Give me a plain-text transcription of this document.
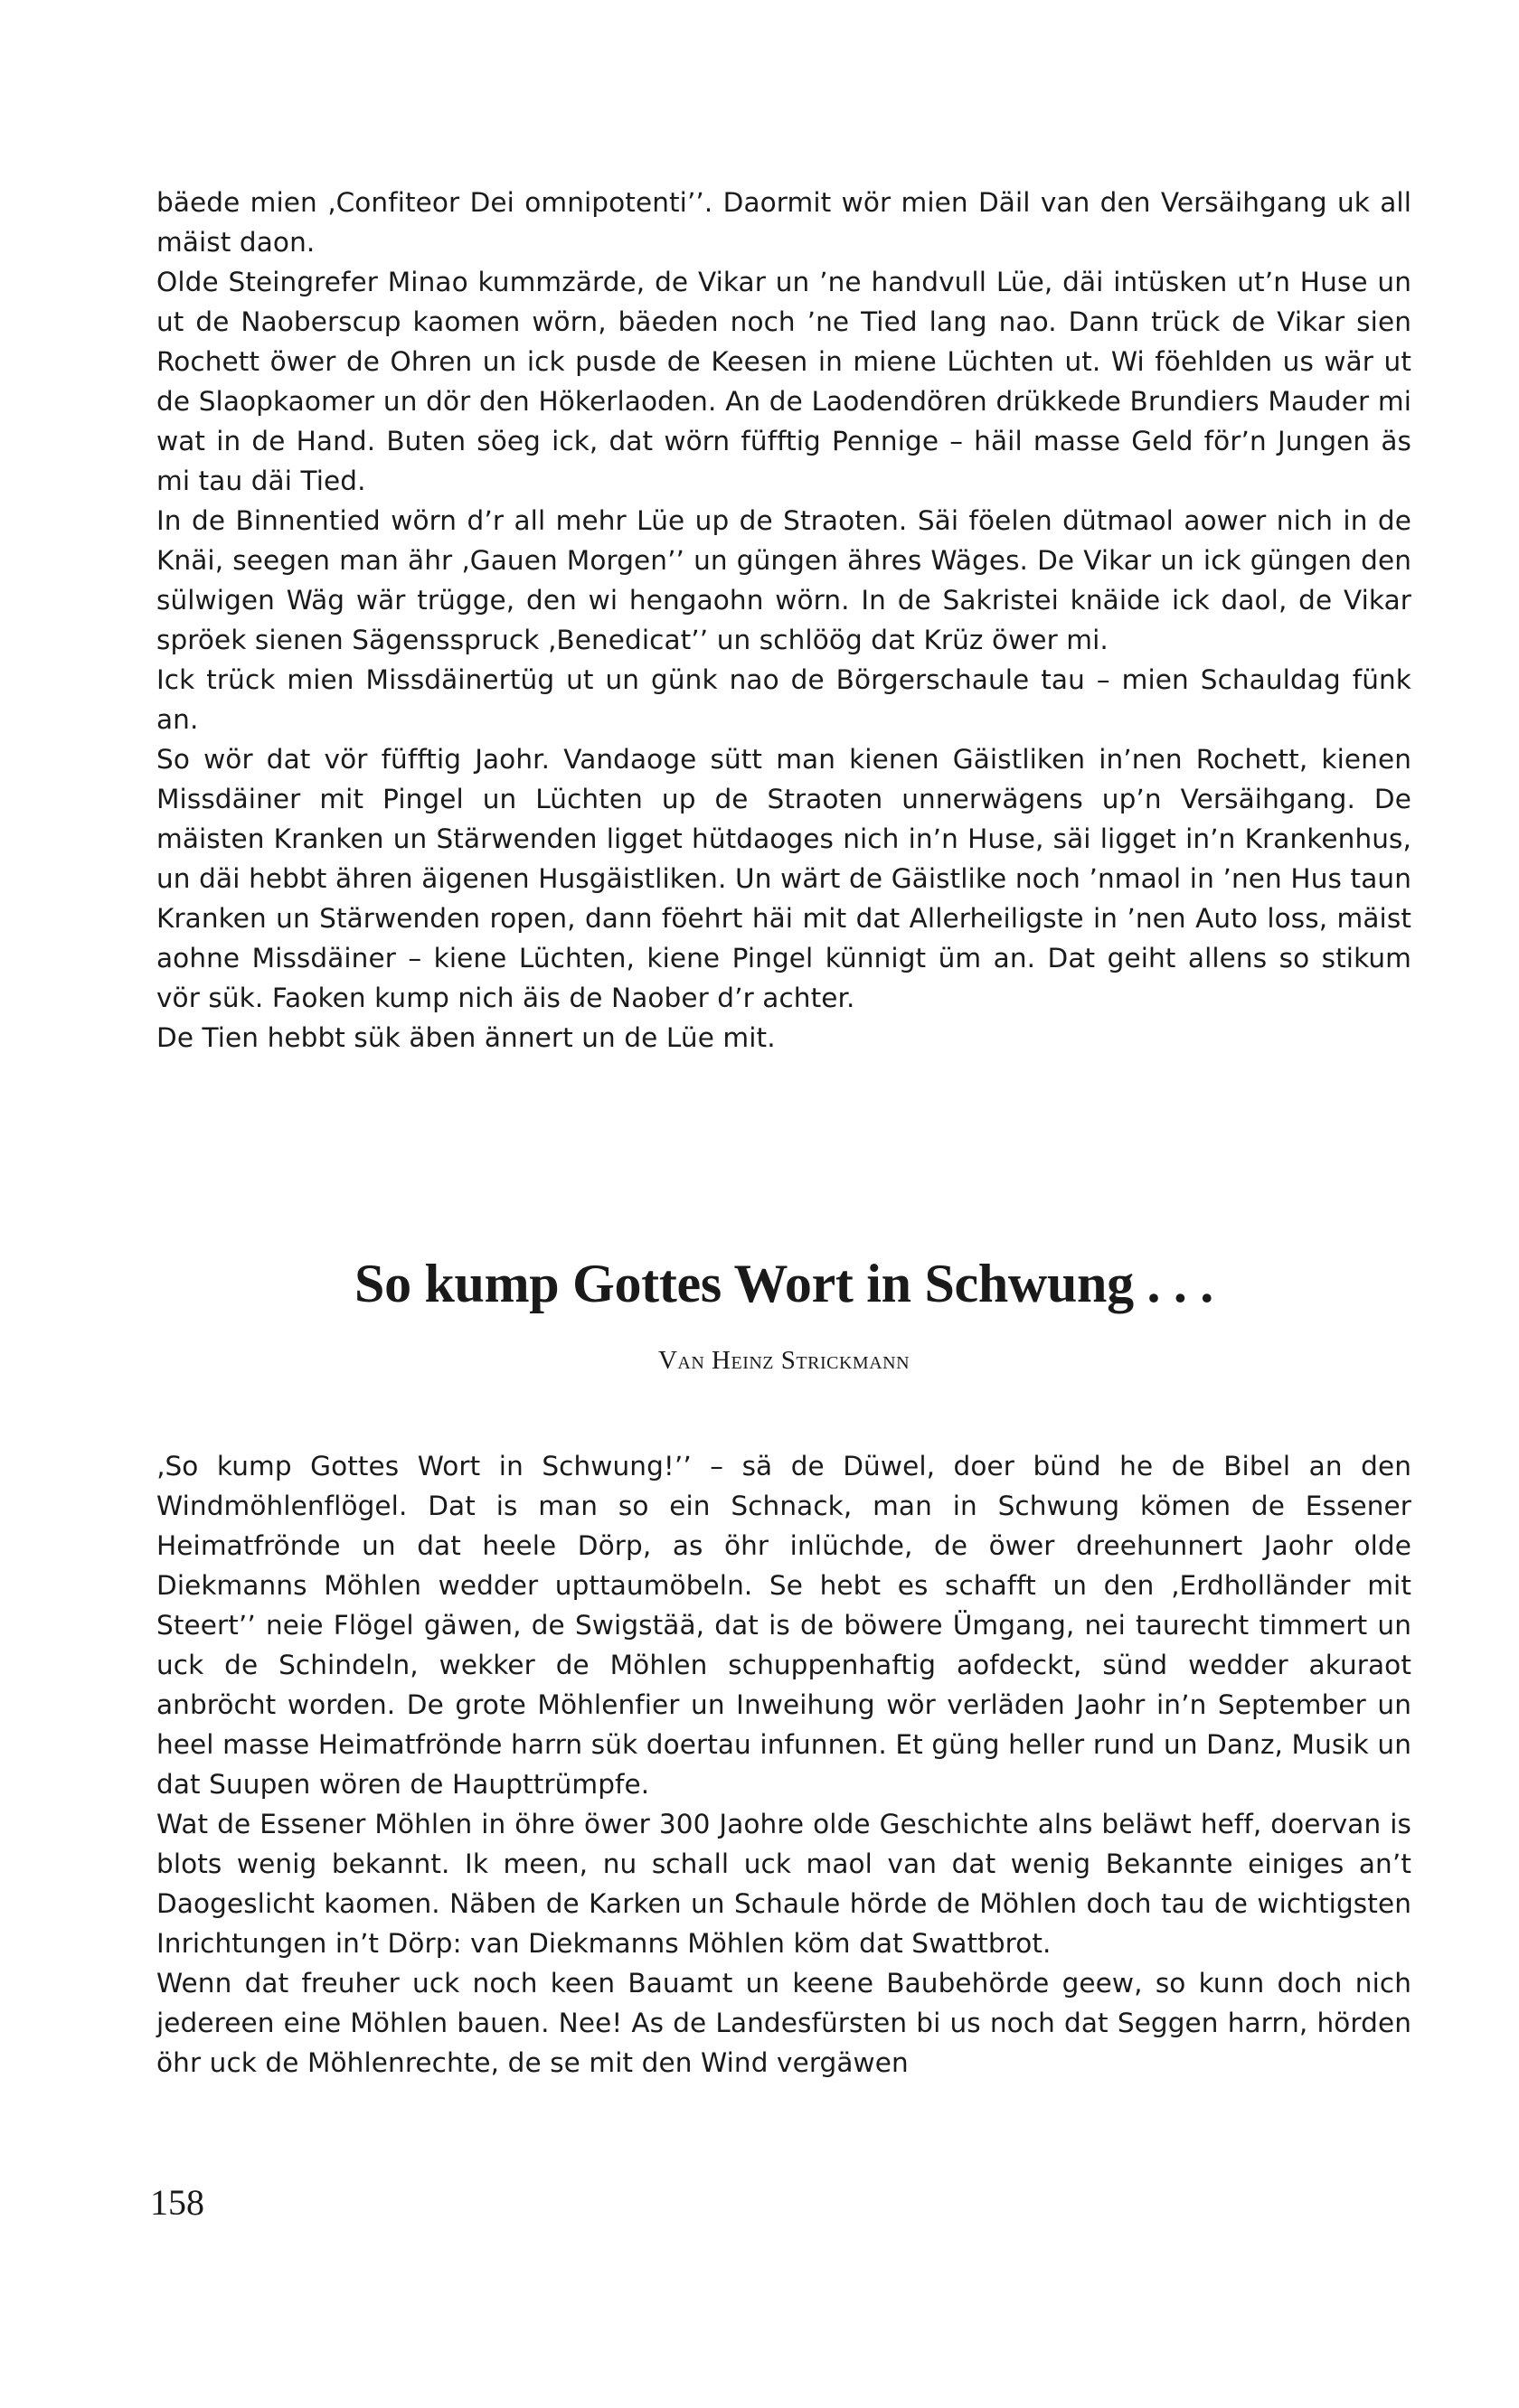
bäede mien ‚Confiteor Dei omnipotenti’’. Daormit wör mien Däil van den Versäihgang uk all mäist daon.

Olde Steingrefer Minao kummzärde, de Vikar un ’ne handvull Lüe, däi intüsken ut’n Huse un ut de Naoberscup kaomen wörn, bäeden noch ’ne Tied lang nao. Dann trück de Vikar sien Rochett öwer de Ohren un ick pusde de Keesen in miene Lüchten ut. Wi föehlden us wär ut de Slaopkaomer un dör den Hökerlaoden. An de Laodendören drükkede Brundiers Mauder mi wat in de Hand. Buten söeg ick, dat wörn füfftig Pennige – häil masse Geld för’n Jungen äs mi tau däi Tied.

In de Binnentied wörn d’r all mehr Lüe up de Straoten. Säi föelen dütmaol aower nich in de Knäi, seegen man ähr ‚Gauen Morgen’’ un güngen ähres Wäges. De Vikar un ick güngen den sülwigen Wäg wär trügge, den wi hengaohn wörn. In de Sakristei knäide ick daol, de Vikar spröek sienen Sägensspruck ‚Benedicat’’ un schlöög dat Krüz öwer mi.

Ick trück mien Missdäinertüg ut un günk nao de Börgerschaule tau – mien Schauldag fünk an.

So wör dat vör füfftig Jaohr. Vandaoge sütt man kienen Gäistliken in’nen Rochett, kienen Missdäiner mit Pingel un Lüchten up de Straoten unnerwägens up’n Versäihgang. De mäisten Kranken un Stärwenden ligget hütdaoges nich in’n Huse, säi ligget in’n Krankenhus, un däi hebbt ähren äigenen Husgäistliken. Un wärt de Gäistlike noch ’nmaol in ’nen Hus taun Kranken un Stärwenden ropen, dann föehrt häi mit dat Allerheiligste in ’nen Auto loss, mäist aohne Missdäiner – kiene Lüchten, kiene Pingel künnigt üm an. Dat geiht allens so stikum vör sük. Faoken kump nich äis de Naober d’r achter.

De Tien hebbt sük äben ännert un de Lüe mit.

So kump Gottes Wort in Schwung . . .

Van Heinz Strickmann

‚So kump Gottes Wort in Schwung!’’ – sä de Düwel, doer bünd he de Bibel an den Windmöhlenflögel. Dat is man so ein Schnack, man in Schwung kömen de Essener Heimatfrönde un dat heele Dörp, as öhr inlüchde, de öwer dreehunnert Jaohr olde Diekmanns Möhlen wedder upttaumöbeln. Se hebt es schafft un den ‚Erdholländer mit Steert’’ neie Flögel gäwen, de Swigstää, dat is de böwere Ümgang, nei taurecht timmert un uck de Schindeln, wekker de Möhlen schuppenhaftig aofdeckt, sünd wedder akuraot anbröcht worden. De grote Möhlenfier un Inweihung wör verläden Jaohr in’n September un heel masse Heimatfrönde harrn sük doertau infunnen. Et güng heller rund un Danz, Musik un dat Suupen wören de Haupttrümpfe.

Wat de Essener Möhlen in öhre öwer 300 Jaohre olde Geschichte alns beläwt heff, doervan is blots wenig bekannt. Ik meen, nu schall uck maol van dat wenig Bekannte einiges an’t Daogeslicht kaomen. Näben de Karken un Schaule hörde de Möhlen doch tau de wichtigsten Inrichtungen in’t Dörp: van Diekmanns Möhlen köm dat Swattbrot.

Wenn dat freuher uck noch keen Bauamt un keene Baubehörde geew, so kunn doch nich jedereen eine Möhlen bauen. Nee! As de Landesfürsten bi us noch dat Seggen harrn, hörden öhr uck de Möhlenrechte, de se mit den Wind vergäwen

158
